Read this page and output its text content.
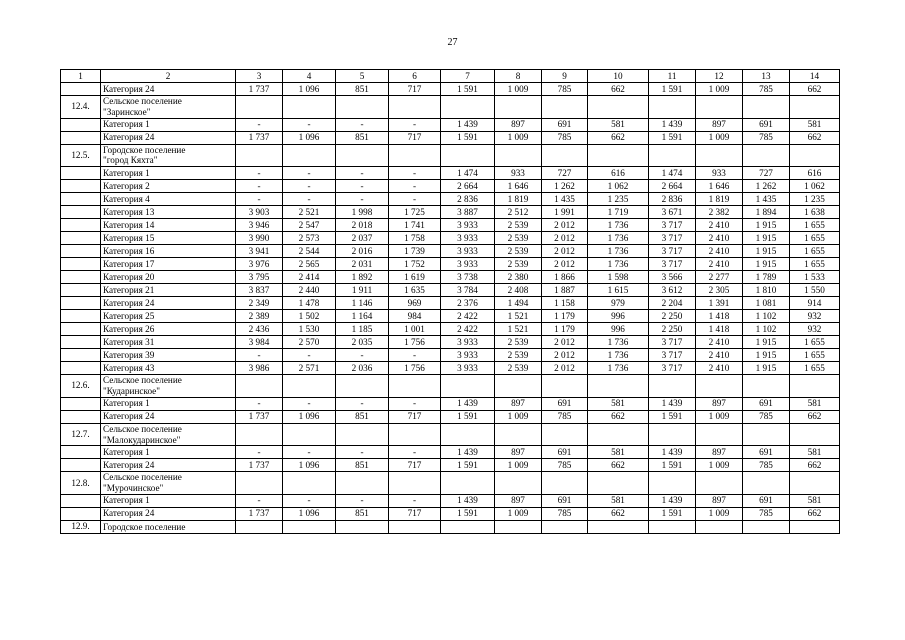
27
1	2	3	4	5	6	7	8	9	10	11	12	13	14
	Категория 24	1 737	1 096	851	717	1 591	1 009	785	662	1 591	1 009	785	662
12.4.	Сельское поселение
"Заринское"												

	Категория 1	-	-	-	-	1 439	897	691	581	1 439	897	691	581
	Категория 24	1 737	1 096	851	717	1 591	1 009	785	662	1 591	1 009	785	662
12.5.	Городское поселение
"город Кяхта"												

	Категория 1	-	-	-	-	1 474	933	727	616	1 474	933	727	616
	Категория 2	-	-	-	-	2 664	1 646	1 262	1 062	2 664	1 646	1 262	1 062
	Категория 4	-	-	-	-	2 836	1 819	1 435	1 235	2 836	1 819	1 435	1 235
	Категория 13	3 903	2 521	1 998	1 725	3 887	2 512	1 991	1 719	3 671	2 382	1 894	1 638
	Категория 14	3 946	2 547	2 018	1 741	3 933	2 539	2 012	1 736	3 717	2 410	1 915	1 655
	Категория 15	3 990	2 573	2 037	1 758	3 933	2 539	2 012	1 736	3 717	2 410	1 915	1 655
	Категория 16	3 941	2 544	2 016	1 739	3 933	2 539	2 012	1 736	3 717	2 410	1 915	1 655
	Категория 17	3 976	2 565	2 031	1 752	3 933	2 539	2 012	1 736	3 717	2 410	1 915	1 655
	Категория 20	3 795	2 414	1 892	1 619	3 738	2 380	1 866	1 598	3 566	2 277	1 789	1 533
	Категория 21	3 837	2 440	1 911	1 635	3 784	2 408	1 887	1 615	3 612	2 305	1 810	1 550
	Категория 24	2 349	1 478	1 146	969	2 376	1 494	1 158	979	2 204	1 391	1 081	914
	Категория 25	2 389	1 502	1 164	984	2 422	1 521	1 179	996	2 250	1 418	1 102	932
	Категория 26	2 436	1 530	1 185	1 001	2 422	1 521	1 179	996	2 250	1 418	1 102	932
	Категория 31	3 984	2 570	2 035	1 756	3 933	2 539	2 012	1 736	3 717	2 410	1 915	1 655
	Категория 39	-	-	-	-	3 933	2 539	2 012	1 736	3 717	2 410	1 915	1 655
	Категория 43	3 986	2 571	2 036	1 756	3 933	2 539	2 012	1 736	3 717	2 410	1 915	1 655
12.6.	Сельское поселение
"Кударинское"												

	Категория 1	-	-	-	-	1 439	897	691	581	1 439	897	691	581
	Категория 24	1 737	1 096	851	717	1 591	1 009	785	662	1 591	1 009	785	662
12.7.	Сельское поселение
"Малокударинское"												

	Категория 1	-	-	-	-	1 439	897	691	581	1 439	897	691	581
	Категория 24	1 737	1 096	851	717	1 591	1 009	785	662	1 591	1 009	785	662
12.8.	Сельское поселение
"Мурочинское"												

	Категория 1	-	-	-	-	1 439	897	691	581	1 439	897	691	581
	Категория 24	1 737	1 096	851	717	1 591	1 009	785	662	1 591	1 009	785	662
12.9.	Городское поселение												
